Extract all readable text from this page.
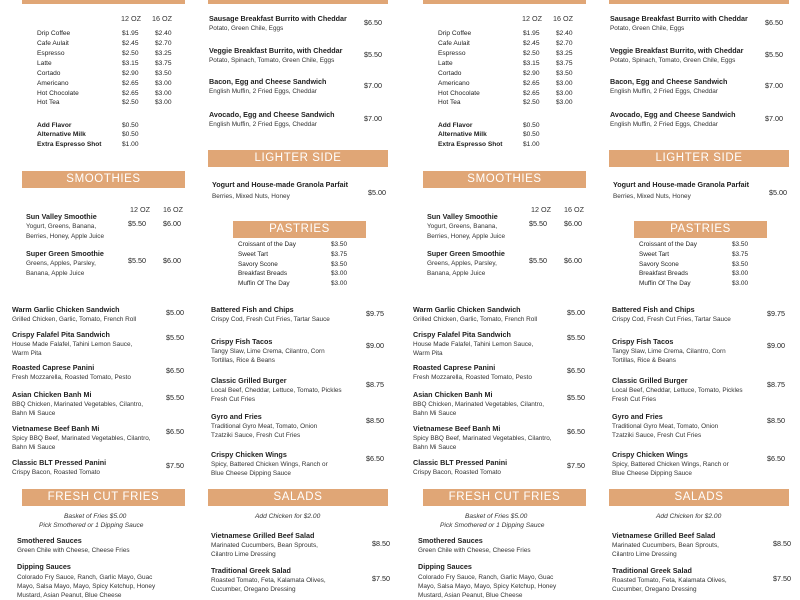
12 OZ 16 OZ
Drip Coffee	$1.95 $2.40
Cafe Aulait	$2.45 $2.70
Espresso	$2.50 $3.25
Latte	$3.15 $3.75
Cortado	$2.90 $3.50
Americano	$2.65 $3.00
Hot Chocolate	$2.65 $3.00
Hot Tea	$2.50 $3.00
Add Flavor	$0.50
Alternative Milk	$0.50
Extra Espresso Shot	$1.00
Sausage Breakfast Burrito with Cheddar
Potato, Green Chile, Eggs
$6.50
Veggie Breakfast Burrito, with Cheddar
Potato, Spinach, Tomato, Green Chile, Eggs
$5.50
Bacon, Egg and Cheese Sandwich
English Muffin, 2 Fried Eggs, Cheddar
$7.00
Avocado, Egg and Cheese Sandwich
English Muffin, 2 Fried Eggs, Cheddar
$7.00
LIGHTER SIDE
Yogurt and House-made Granola Parfait
Berries, Mixed Nuts, Honey	$5.00
SMOOTHIES
12 OZ 16 OZ
Sun Valley Smoothie
Yogurt, Greens, Banana,
Berries, Honey, Apple Juice
$5.50 $6.00
Super Green Smoothie
Greens, Apples, Parsley,
Banana, Apple Juice
$5.50 $6.00
PASTRIES
Croissant of the Day	$3.50
Sweet Tart	$3.75
Savory Scone	$3.50
Breakfast Breads	$3.00
Muffin Of The Day	$3.00
Warm Garlic Chicken Sandwich
Grilled Chicken, Garlic, Tomato, French Roll
$5.00
Crispy Falafel Pita Sandwich
House Made Falafel, Tahini Lemon Sauce,
Warm Pita
$5.50
Roasted Caprese Panini
Fresh Mozzarella, Roasted Tomato, Pesto
$6.50
Asian Chicken Banh Mi
BBQ Chicken, Marinated Vegetables, Cilantro,
Bahn Mi Sauce
$5.50
Vietnamese Beef Banh Mi
Spicy BBQ Beef, Marinated Vegetables, Cilantro,
Bahn Mi Sauce
$6.50
Classic BLT Pressed Panini
Crispy Bacon, Roasted Tomato
$7.50
Battered Fish and Chips
Crispy Cod, Fresh Cut Fries, Tartar Sauce
$9.75
Crispy Fish Tacos
Tangy Slaw, Lime Crema, Cilantro, Corn
Tortillas, Rice & Beans
$9.00
Classic Grilled Burger
Local Beef, Cheddar, Lettuce, Tomato, Pickles
Fresh Cut Fries
$8.75
Gyro and Fries
Traditional Gyro Meat, Tomato, Onion
Tzatziki Sauce, Fresh Cut Fries
$8.50
Crispy Chicken Wings
Spicy, Battered Chicken Wings, Ranch or
Blue Cheese Dipping Sauce
$6.50
FRESH CUT FRIES
Basket of Fries $5.00
Pick Smothered or 1 Dipping Sauce
Smothered Sauces
Green Chile with Cheese, Cheese Fries
Dipping Sauces
Colorado Fry Sauce, Ranch, Garlic Mayo, Guac
Mayo, Salsa Mayo, Mayo, Spicy Ketchup, Honey
Mustard, Asian Peanut, Blue Cheese
SALADS
Add Chicken for $2.00
Vietnamese Grilled Beef Salad
Marinated Cucumbers, Bean Sprouts,
Cilantro Lime Dressing
$8.50
Traditional Greek Salad
Roasted Tomato, Feta, Kalamata Olives,
Cucumber, Oregano Dressing
$7.50
12 OZ 16 OZ
Drip Coffee	$1.95 $2.40
Cafe Aulait	$2.45 $2.70
Espresso	$2.50 $3.25
Latte	$3.15 $3.75
Cortado	$2.90 $3.50
Americano	$2.65 $3.00
Hot Chocolate	$2.65 $3.00
Hot Tea	$2.50 $3.00
Add Flavor	$0.50
Alternative Milk	$0.50
Extra Espresso Shot	$1.00
Sausage Breakfast Burrito with Cheddar
Potato, Green Chile, Eggs
$6.50
Veggie Breakfast Burrito, with Cheddar
Potato, Spinach, Tomato, Green Chile, Eggs
$5.50
Bacon, Egg and Cheese Sandwich
English Muffin, 2 Fried Eggs, Cheddar
$7.00
Avocado, Egg and Cheese Sandwich
English Muffin, 2 Fried Eggs, Cheddar
$7.00
LIGHTER SIDE
Yogurt and House-made Granola Parfait
Berries, Mixed Nuts, Honey	$5.00
SMOOTHIES
12 OZ 16 OZ
Sun Valley Smoothie
Yogurt, Greens, Banana,
Berries, Honey, Apple Juice
$5.50 $6.00
Super Green Smoothie
Greens, Apples, Parsley,
Banana, Apple Juice
$5.50 $6.00
PASTRIES
Croissant of the Day	$3.50
Sweet Tart	$3.75
Savory Scone	$3.50
Breakfast Breads	$3.00
Muffin Of The Day	$3.00
Warm Garlic Chicken Sandwich
Grilled Chicken, Garlic, Tomato, French Roll
$5.00
Crispy Falafel Pita Sandwich
House Made Falafel, Tahini Lemon Sauce,
Warm Pita
$5.50
Roasted Caprese Panini
Fresh Mozzarella, Roasted Tomato, Pesto
$6.50
Asian Chicken Banh Mi
BBQ Chicken, Marinated Vegetables, Cilantro,
Bahn Mi Sauce
$5.50
Vietnamese Beef Banh Mi
Spicy BBQ Beef, Marinated Vegetables, Cilantro,
Bahn Mi Sauce
$6.50
Classic BLT Pressed Panini
Crispy Bacon, Roasted Tomato
$7.50
Battered Fish and Chips
Crispy Cod, Fresh Cut Fries, Tartar Sauce
$9.75
Crispy Fish Tacos
Tangy Slaw, Lime Crema, Cilantro, Corn
Tortillas, Rice & Beans
$9.00
Classic Grilled Burger
Local Beef, Cheddar, Lettuce, Tomato, Pickles
Fresh Cut Fries
$8.75
Gyro and Fries
Traditional Gyro Meat, Tomato, Onion
Tzatziki Sauce, Fresh Cut Fries
$8.50
Crispy Chicken Wings
Spicy, Battered Chicken Wings, Ranch or
Blue Cheese Dipping Sauce
$6.50
FRESH CUT FRIES
Basket of Fries $5.00
Pick Smothered or 1 Dipping Sauce
Smothered Sauces
Green Chile with Cheese, Cheese Fries
Dipping Sauces
Colorado Fry Sauce, Ranch, Garlic Mayo, Guac
Mayo, Salsa Mayo, Mayo, Spicy Ketchup, Honey
Mustard, Asian Peanut, Blue Cheese
SALADS
Add Chicken for $2.00
Vietnamese Grilled Beef Salad
Marinated Cucumbers, Bean Sprouts,
Cilantro Lime Dressing
$8.50
Traditional Greek Salad
Roasted Tomato, Feta, Kalamata Olives,
Cucumber, Oregano Dressing
$7.50
